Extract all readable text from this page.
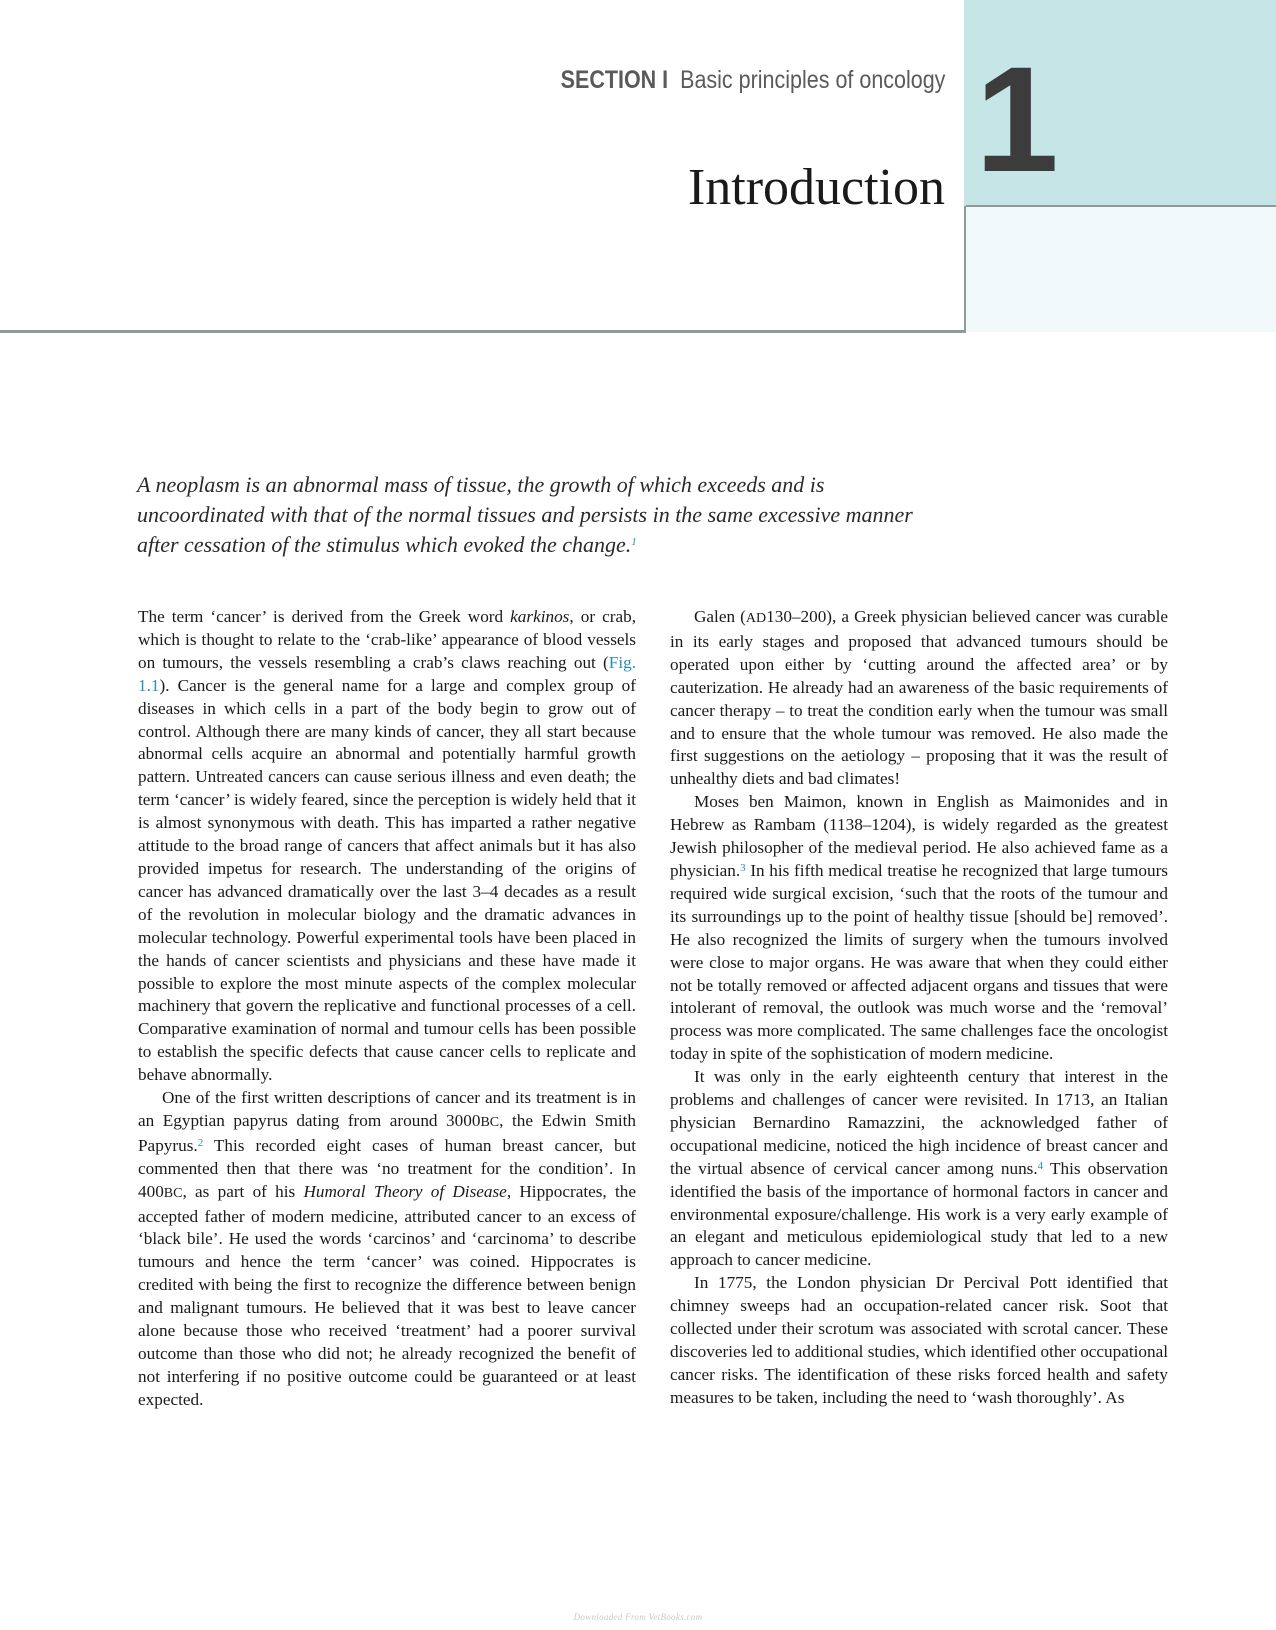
1
SECTION I Basic principles of oncology
Introduction

A neoplasm is an abnormal mass of tissue, the growth of which exceeds and is uncoordinated with that of the normal tissues and persists in the same excessive manner after cessation of the stimulus which evoked the change.$^1$

The term ‘cancer’ is derived from the Greek word karkinos, or crab, which is thought to relate to the ‘crab-like’ appearance of blood vessels on tumours, the vessels resembling a crab’s claws reaching out (Fig. 1.1). Cancer is the general name for a large and complex group of diseases in which cells in a part of the body begin to grow out of control. Although there are many kinds of cancer, they all start because abnormal cells acquire an abnormal and potentially harmful growth pattern. Untreated cancers can cause serious illness and even death; the term ‘cancer’ is widely feared, since the perception is widely held that it is almost synonymous with death. This has imparted a rather negative attitude to the broad range of cancers that affect animals but it has also provided impetus for research. The understanding of the origins of cancer has advanced dramatically over the last 3–4 decades as a result of the revolution in molecular biology and the dramatic advances in molecular technology. Powerful experimental tools have been placed in the hands of cancer scientists and physicians and these have made it possible to explore the most minute aspects of the complex molecular machinery that govern the replicative and functional processes of a cell. Comparative examination of normal and tumour cells has been possible to establish the specific defects that cause cancer cells to replicate and behave abnormally.

One of the first written descriptions of cancer and its treatment is in an Egyptian papyrus dating from around 3000BC, the Edwin Smith Papyrus.$^2$ This recorded eight cases of human breast cancer, but commented then that there was ‘no treatment for the condition’. In 400BC, as part of his Humoral Theory of Disease, Hippocrates, the accepted father of modern medicine, attributed cancer to an excess of ‘black bile’. He used the words ‘carcinos’ and ‘carcinoma’ to describe tumours and hence the term ‘cancer’ was coined. Hippocrates is credited with being the first to recognize the difference between benign and malignant tumours. He believed that it was best to leave cancer alone because those who received ‘treatment’ had a poorer survival outcome than those who did not; he already recognized the benefit of not interfering if no positive outcome could be guaranteed or at least expected.

Galen (AD130–200), a Greek physician believed cancer was curable in its early stages and proposed that advanced tumours should be operated upon either by ‘cutting around the affected area’ or by cauterization. He already had an awareness of the basic requirements of cancer therapy – to treat the condition early when the tumour was small and to ensure that the whole tumour was removed. He also made the first suggestions on the aetiology – proposing that it was the result of unhealthy diets and bad climates!

Moses ben Maimon, known in English as Maimonides and in Hebrew as Rambam (1138–1204), is widely regarded as the greatest Jewish philosopher of the medieval period. He also achieved fame as a physician.$^3$ In his fifth medical treatise he recognized that large tumours required wide surgical excision, ‘such that the roots of the tumour and its surroundings up to the point of healthy tissue [should be] removed’. He also recognized the limits of surgery when the tumours involved were close to major organs. He was aware that when they could either not be totally removed or affected adjacent organs and tissues that were intolerant of removal, the outlook was much worse and the ‘removal’ process was more complicated. The same challenges face the oncologist today in spite of the sophistication of modern medicine.

It was only in the early eighteenth century that interest in the problems and challenges of cancer were revisited. In 1713, an Italian physician Bernardino Ramazzini, the acknowledged father of occupational medicine, noticed the high incidence of breast cancer and the virtual absence of cervical cancer among nuns.$^4$ This observation identified the basis of the importance of hormonal factors in cancer and environmental exposure/challenge. His work is a very early example of an elegant and meticulous epidemiological study that led to a new approach to cancer medicine.

In 1775, the London physician Dr Percival Pott identified that chimney sweeps had an occupation-related cancer risk. Soot that collected under their scrotum was associated with scrotal cancer. These discoveries led to additional studies, which identified other occupational cancer risks. The identification of these risks forced health and safety measures to be taken, including the need to ‘wash thoroughly’. As

Downloaded From VetBooks.com
